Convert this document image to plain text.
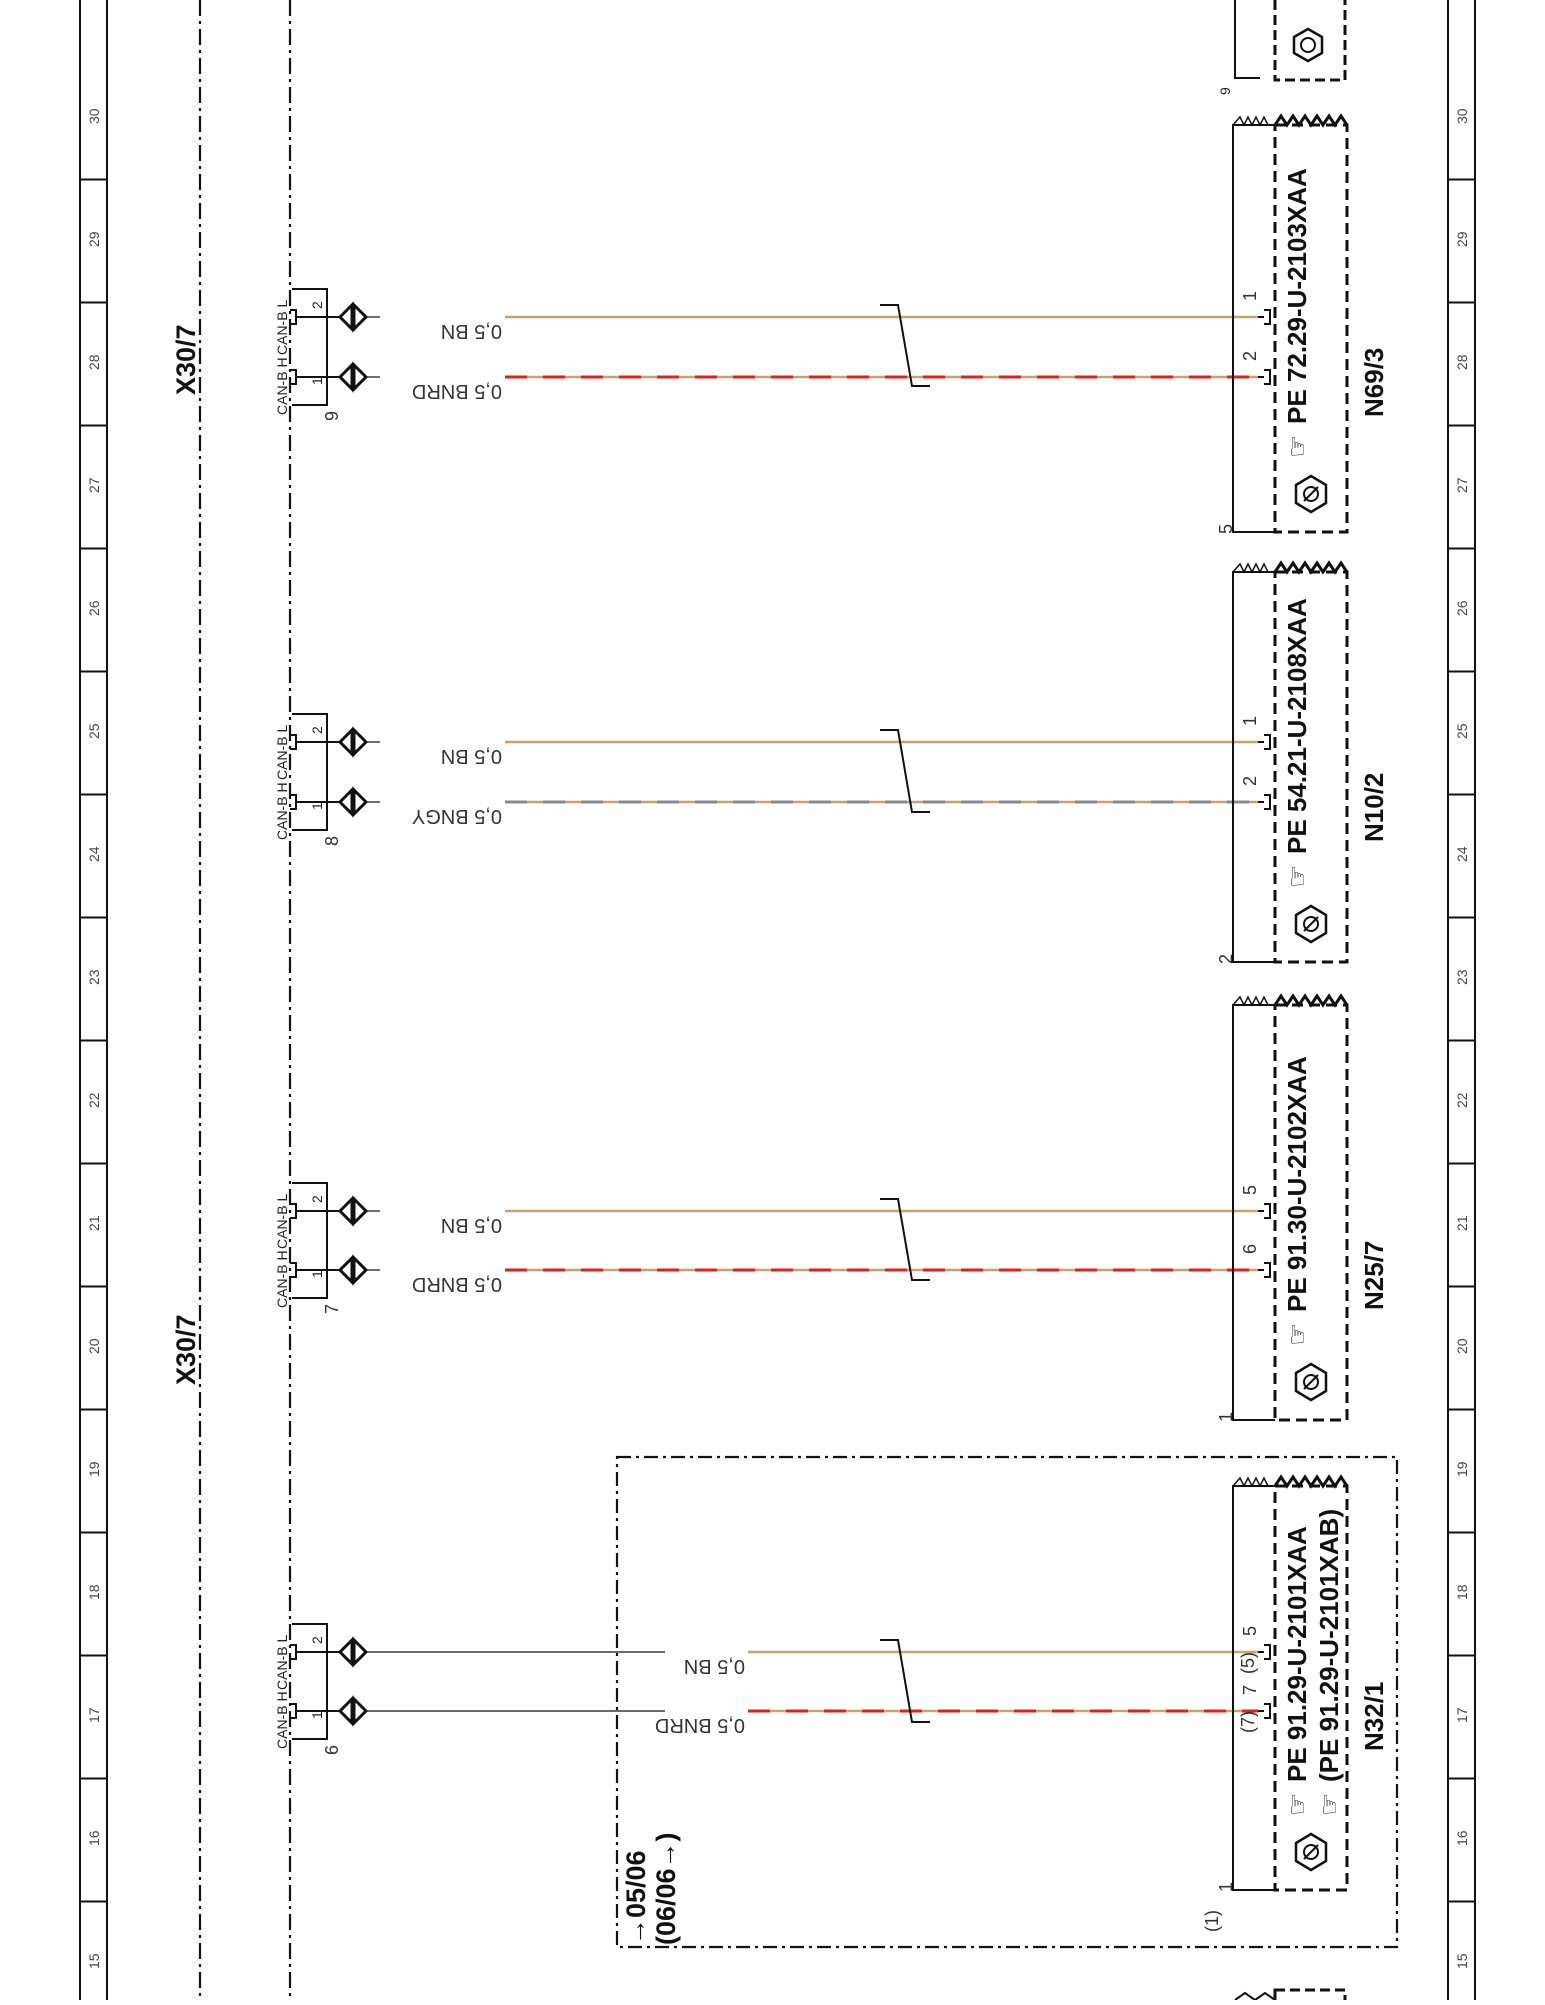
30	30
29	29
28	28
27	27
26	26
25	25
24	24
23	23
22	22
21	21
20	20
19	19
18	18
17	17
16	16
15	15
X30/7
X30/7
→05/06 (06/06→)
9
CAN-B L 2
0,5 BN
1
CAN-B H 1	0,5 BNRD
2
☞
PE 72.29-U-2103XAA N69/3
5
8
CAN-B L 2
0,5 BN
1
CAN-B H 1	0,5 BNGY
2
☞
PE 54.21-U-2108XAA N10/2
2
7
CAN-B L 2
0,5 BN
5
CAN-B H 1	0,5 BNRD
6
☞
PE 91.30-U-2102XAA N25/7
1
6
CAN-B L 2
0,5 BN
5
(5)
CAN-B H 1	0,5 BNRD
7
(7)
☞
PE 91.29-U-2101XAA
☞
(PE 91.29-U-2101XAB) N32/1
1
(1)
9
